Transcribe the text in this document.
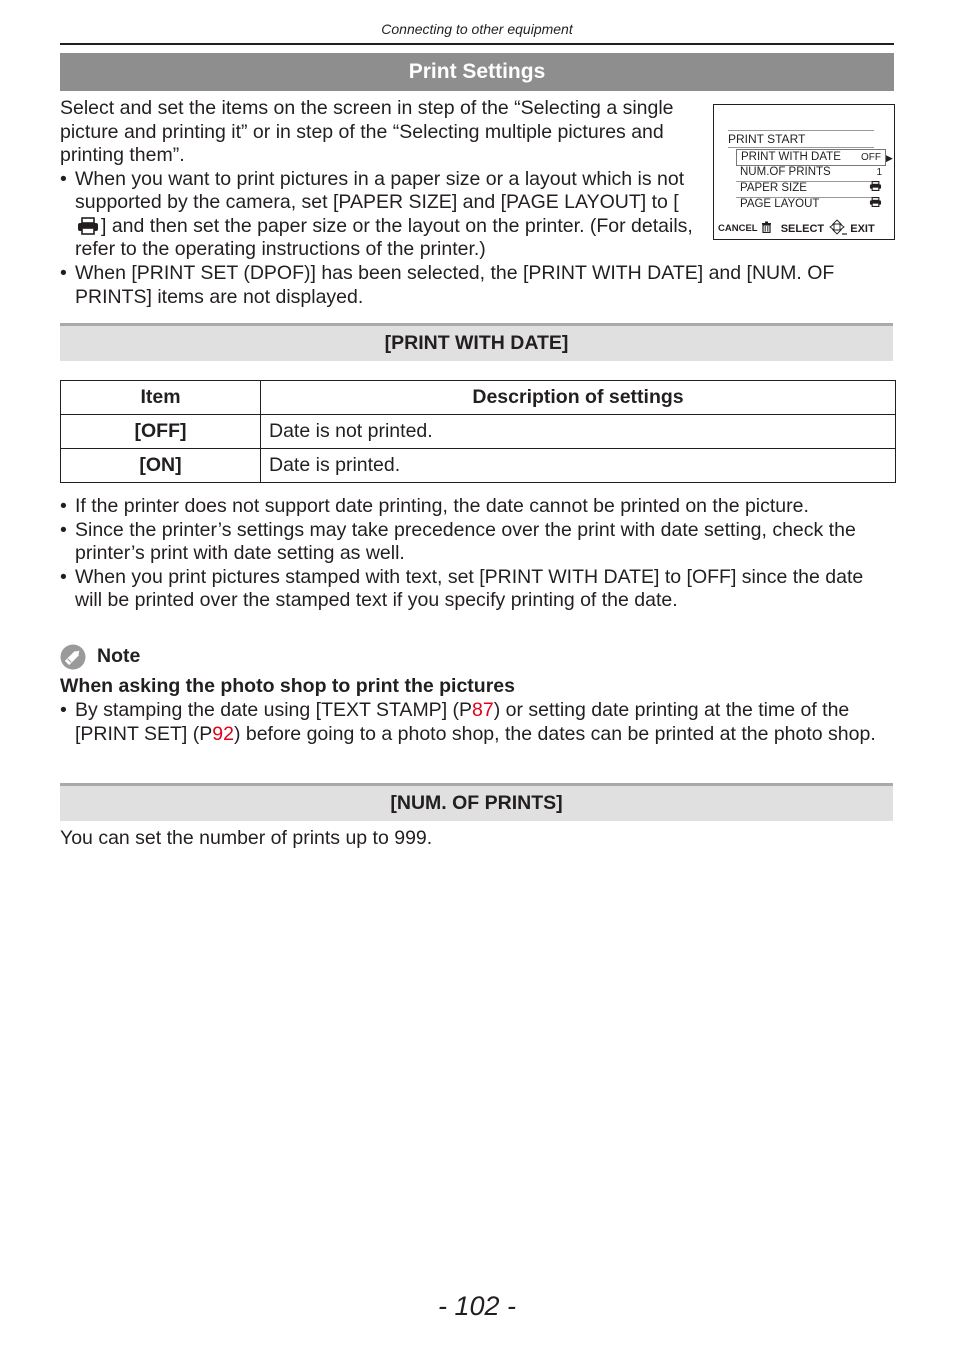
Connecting to other equipment
Print Settings
Select and set the items on the screen in step of the “Selecting a single picture and printing it” or in step of the “Selecting multiple pictures and printing them”.
• When you want to print pictures in a paper size or a layout which is not supported by the camera, set [PAPER SIZE] and [PAGE LAYOUT] to [
] and then set the paper size or the layout on the printer. (For details, refer to the operating instructions of the printer.)
• When [PRINT SET (DPOF)] has been selected, the [PRINT WITH DATE] and [NUM. OF PRINTS] items are not displayed.
PRINT START
PRINT WITH DATE OFF ▶
NUM.OF PRINTS	1
PAPER SIZE
PAGE LAYOUT
CANCEL SELECT EXIT
[PRINT WITH DATE]
Item	Description of settings
[OFF]	Date is not printed.
[ON]	Date is printed.
• If the printer does not support date printing, the date cannot be printed on the picture.
• Since the printer’s settings may take precedence over the print with date setting, check the printer’s print with date setting as well.
• When you print pictures stamped with text, set [PRINT WITH DATE] to [OFF] since the date will be printed over the stamped text if you specify printing of the date.
Note
When asking the photo shop to print the pictures
• By stamping the date using [TEXT STAMP] (P87) or setting date printing at the time of the [PRINT SET] (P92) before going to a photo shop, the dates can be printed at the photo shop.
[NUM. OF PRINTS]
You can set the number of prints up to 999.
- 102 -
